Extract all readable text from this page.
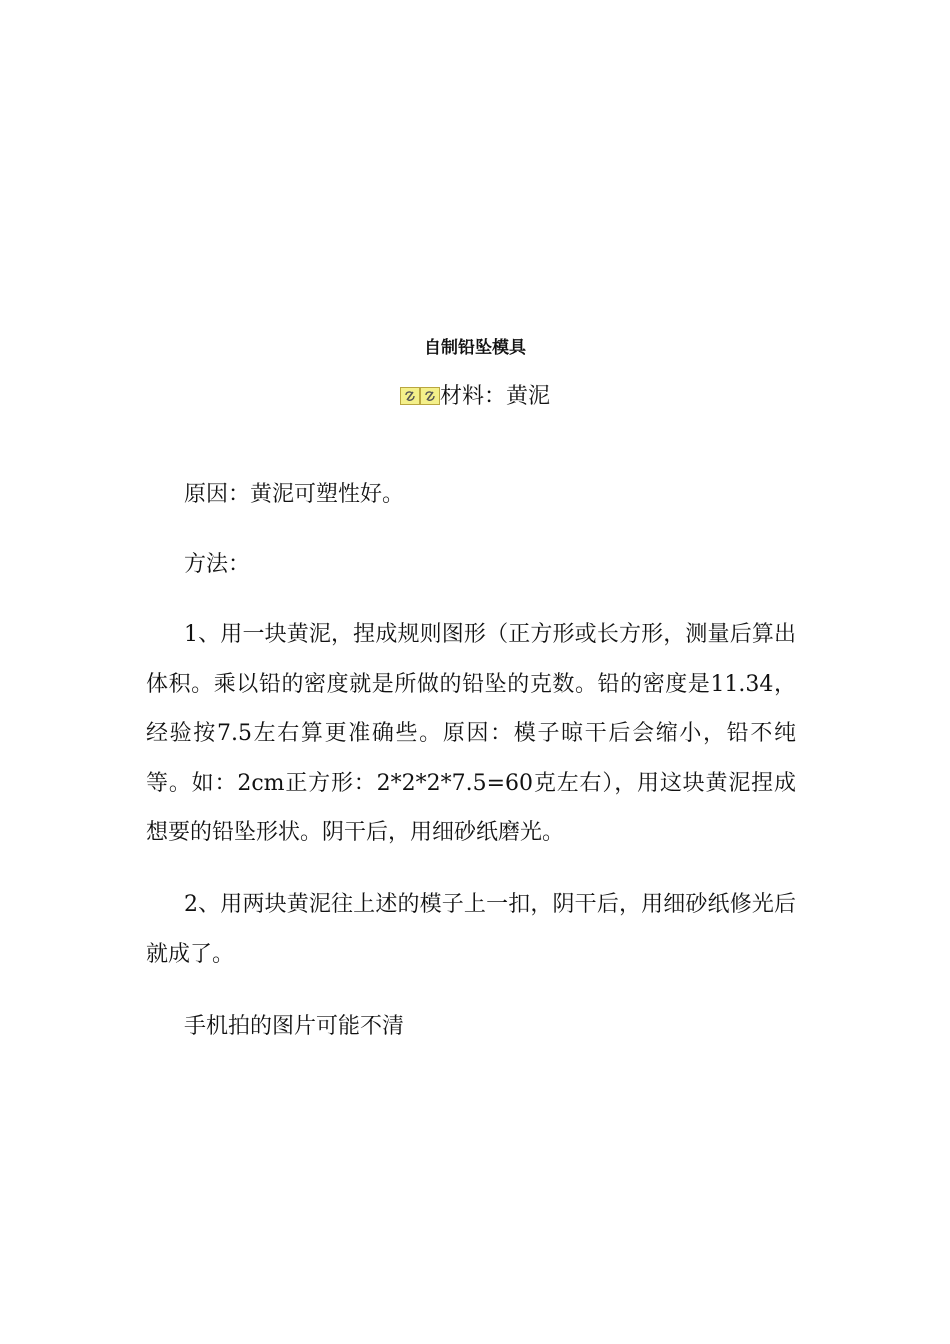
自制铅坠模具
材料：黄泥

原因：黄泥可塑性好。

方法：

1、用一块黄泥，捏成规则图形（正方形或长方形，测量后算出体积。乘以铅的密度就是所做的铅坠的克数。铅的密度是11.34，经验按7.5左右算更准确些。原因：模子晾干后会缩小，铅不纯等。如：2cm正方形：2*2*2*7.5=60克左右），用这块黄泥捏成想要的铅坠形状。阴干后，用细砂纸磨光。

2、用两块黄泥往上述的模子上一扣，阴干后，用细砂纸修光后就成了。

手机拍的图片可能不清
